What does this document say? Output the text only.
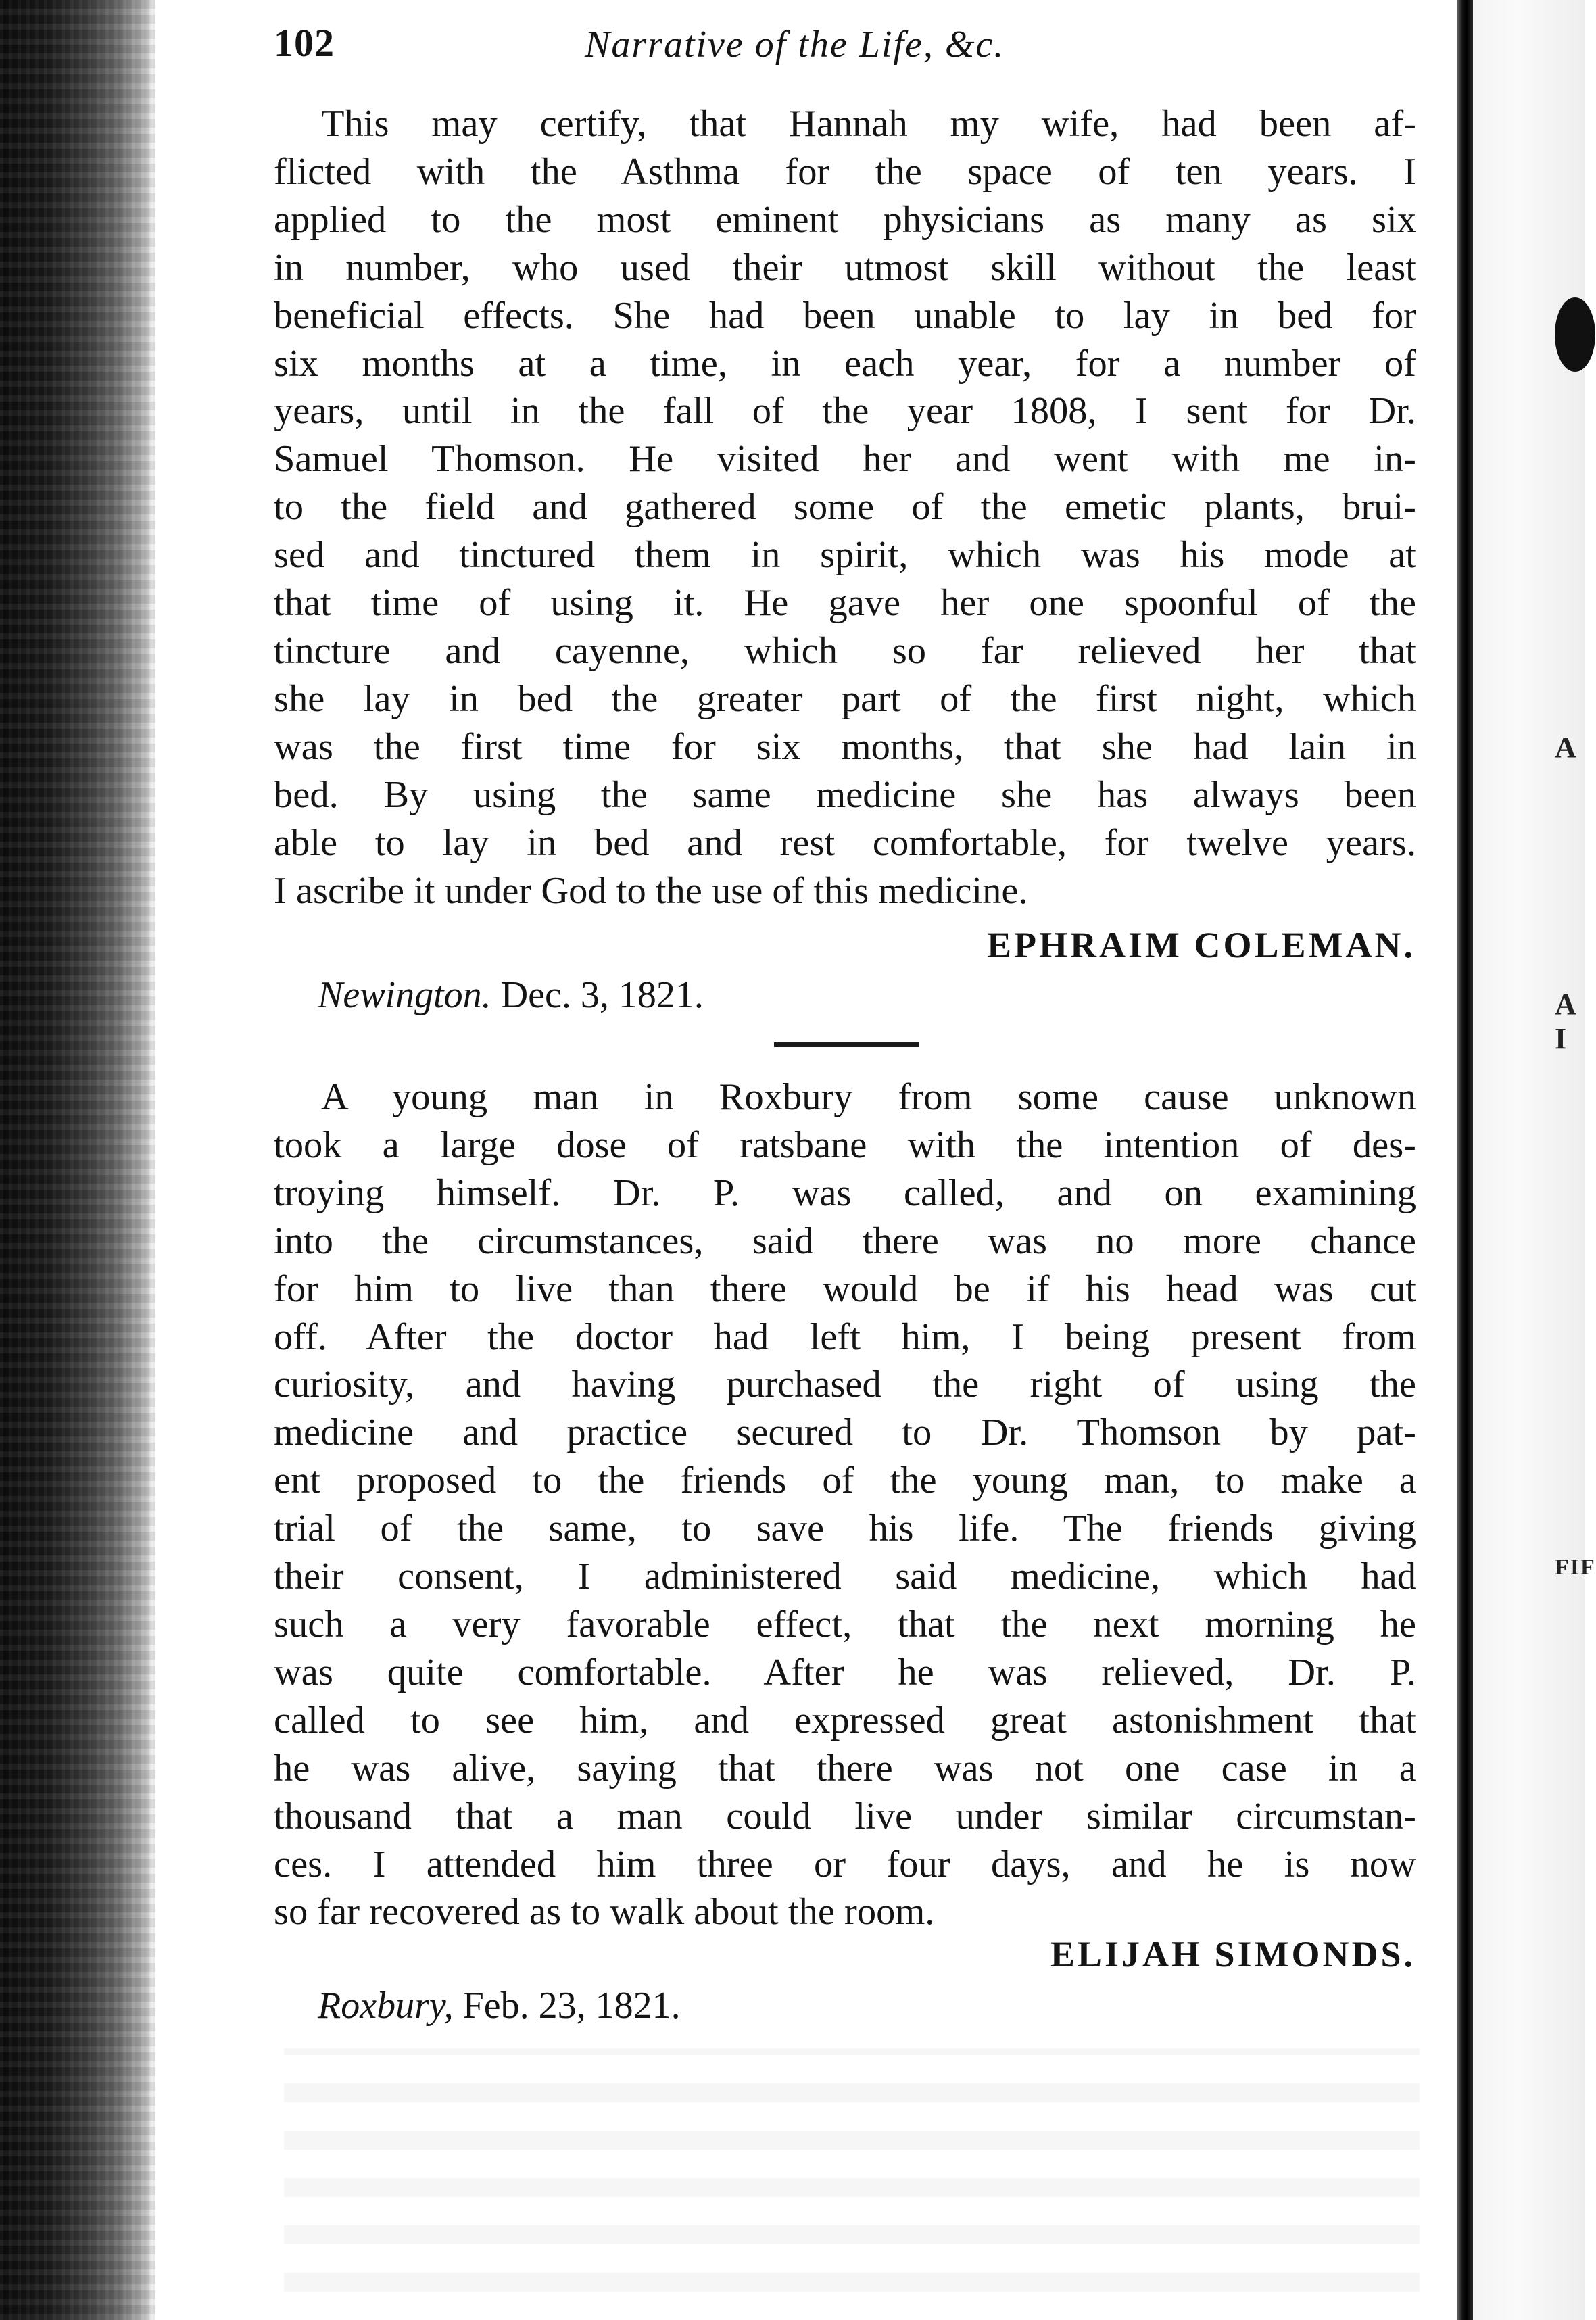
A
A I
FIF
102	Narrative of the Life, &c.
This may certify, that Hannah my wife, had been af-
flicted with the Asthma for the space of ten years. I
applied to the most eminent physicians as many as six
in number, who used their utmost skill without the least
beneficial effects. She had been unable to lay in bed for
six months at a time, in each year, for a number of
years, until in the fall of the year 1808, I sent for Dr.
Samuel Thomson. He visited her and went with me in-
to the field and gathered some of the emetic plants, brui-
sed and tinctured them in spirit, which was his mode at
that time of using it. He gave her one spoonful of the
tincture and cayenne, which so far relieved her that
she lay in bed the greater part of the first night, which
was the first time for six months, that she had lain in
bed. By using the same medicine she has always been
able to lay in bed and rest comfortable, for twelve years.
I ascribe it under God to the use of this medicine.
EPHRAIM COLEMAN.
Newington. Dec. 3, 1821.
A young man in Roxbury from some cause unknown
took a large dose of ratsbane with the intention of des-
troying himself. Dr. P. was called, and on examining
into the circumstances, said there was no more chance
for him to live than there would be if his head was cut
off. After the doctor had left him, I being present from
curiosity, and having purchased the right of using the
medicine and practice secured to Dr. Thomson by pat-
ent proposed to the friends of the young man, to make a
trial of the same, to save his life. The friends giving
their consent, I administered said medicine, which had
such a very favorable effect, that the next morning he
was quite comfortable. After he was relieved, Dr. P.
called to see him, and expressed great astonishment that
he was alive, saying that there was not one case in a
thousand that a man could live under similar circumstan-
ces. I attended him three or four days, and he is now
so far recovered as to walk about the room.
ELIJAH SIMONDS.
Roxbury, Feb. 23, 1821.
